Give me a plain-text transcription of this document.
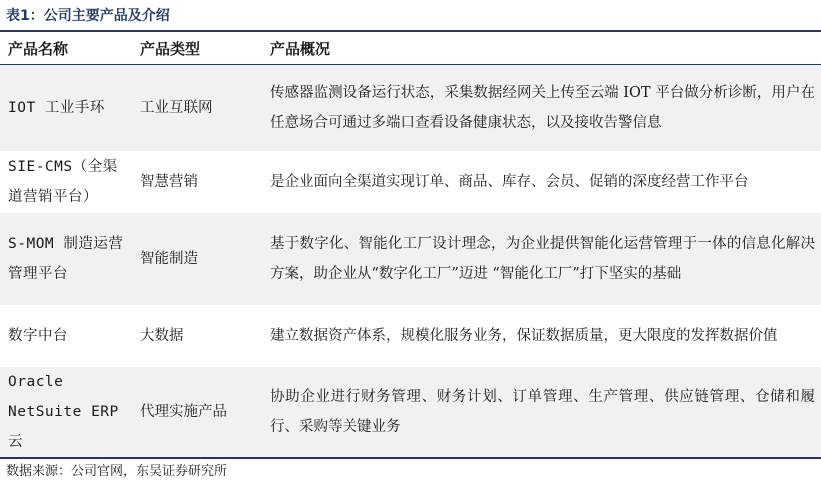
表1：公司主要产品及介绍
产品名称	产品类型	产品概况
IOT 工业手环	工业互联网	传感器监测设备运行状态，采集数据经网关上传至云端 IOT 平台做分析诊断，用户在任意场合可通过多端口查看设备健康状态，以及接收告警信息
SIE-CMS（全渠道营销平台）	智慧营销	是企业面向全渠道实现订单、商品、库存、会员、促销的深度经营工作平台
S-MOM 制造运营管理平台	智能制造	基于数字化、智能化工厂设计理念，为企业提供智能化运营管理于一体的信息化解决方案，助企业从“数字化工厂”迈进 “智能化工厂”打下坚实的基础
数字中台	大数据	建立数据资产体系，规模化服务业务，保证数据质量，更大限度的发挥数据价值
Oracle NetSuite ERP 云	代理实施产品	协助企业进行财务管理、财务计划、订单管理、生产管理、供应链管理、仓储和履行、采购等关键业务
数据来源：公司官网，东吴证券研究所
